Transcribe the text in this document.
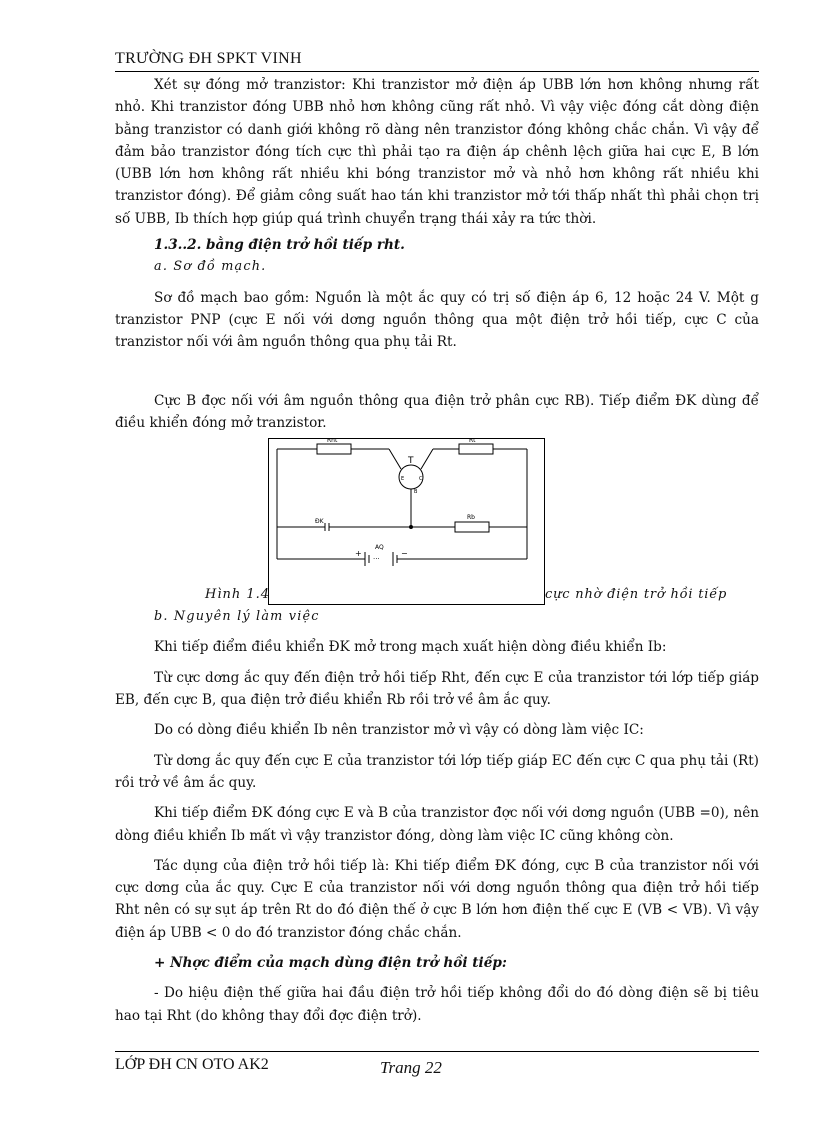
TRƯỜNG ĐH SPKT VINH

Xét sự đóng mở tranzistor: Khi tranzistor mở điện áp UBB lớn hơn không nhưng rất nhỏ. Khi tranzistor đóng UBB nhỏ hơn không cũng rất nhỏ. Vì vậy việc đóng cắt dòng điện bằng tranzistor có danh giới không rõ dàng nên tranzistor đóng không chắc chắn. Vì vậy để đảm bảo tranzistor đóng tích cực thì phải tạo ra điện áp chênh lệch giữa hai cực E, B lớn (UBB lớn hơn không rất nhiều khi bóng tranzistor mở và nhỏ hơn không rất nhiều khi tranzistor đóng). Để giảm công suất hao tán khi tranzistor mở tới thấp nhất thì phải chọn trị số UBB, Ib thích hợp giúp quá trình chuyển trạng thái xảy ra tức thời.

1.3..2. bằng điện trở hồi tiếp rht.

a. Sơ đồ mạch.

Sơ đồ mạch bao gồm: Nguồn là một ắc quy có trị số điện áp 6, 12 hoặc 24 V. Một g tranzistor PNP (cực E nối với dơng nguồn thông qua một điện trở hồi tiếp, cực C của tranzistor nối với âm nguồn thông qua phụ tải Rt.

Cực B đợc nối với âm nguồn thông qua điện trở phân cực RB). Tiếp điểm ĐK dùng để điều khiển đóng mở tranzistor.

Rht	Rt
T
E	C
B
ĐK
Rb
AQ
+	−
···
Hình 1.4	cực nhờ điện trở hồi tiếp

b. Nguyên lý làm việc

Khi tiếp điểm điều khiển ĐK mở trong mạch xuất hiện dòng điều khiển Ib:

Từ cực dơng ắc quy đến điện trở hồi tiếp Rht, đến cực E của tranzistor tới lớp tiếp giáp EB, đến cực B, qua điện trở điều khiển Rb rồi trở về âm ắc quy.

Do có dòng điều khiển Ib nên tranzistor mở vì vậy có dòng làm việc IC:

Từ dơng ắc quy đến cực E của tranzistor tới lớp tiếp giáp EC đến cực C qua phụ tải (Rt) rồi trở về âm ắc quy.

Khi tiếp điểm ĐK đóng cực E và B của tranzistor đợc nối với dơng nguồn (UBB =0), nên dòng điều khiển Ib mất vì vậy tranzistor đóng, dòng làm việc IC cũng không còn.

Tác dụng của điện trở hồi tiếp là: Khi tiếp điểm ĐK đóng, cực B của tranzistor nối với cực dơng của ắc quy. Cực E của tranzistor nối với dơng nguồn thông qua điện trở hồi tiếp Rht nên có sự sụt áp trên Rt do đó điện thế ở cực B lớn hơn điện thế cực E (VB < VB). Vì vậy điện áp UBB < 0 do đó tranzistor đóng chắc chắn.

+ Nhợc điểm của mạch dùng điện trở hồi tiếp:

- Do hiệu điện thế giữa hai đầu điện trở hồi tiếp không đổi do đó dòng điện sẽ bị tiêu hao tại Rht (do không thay đổi đợc điện trở).

LỚP ĐH CN OTO AK2	Trang 22
